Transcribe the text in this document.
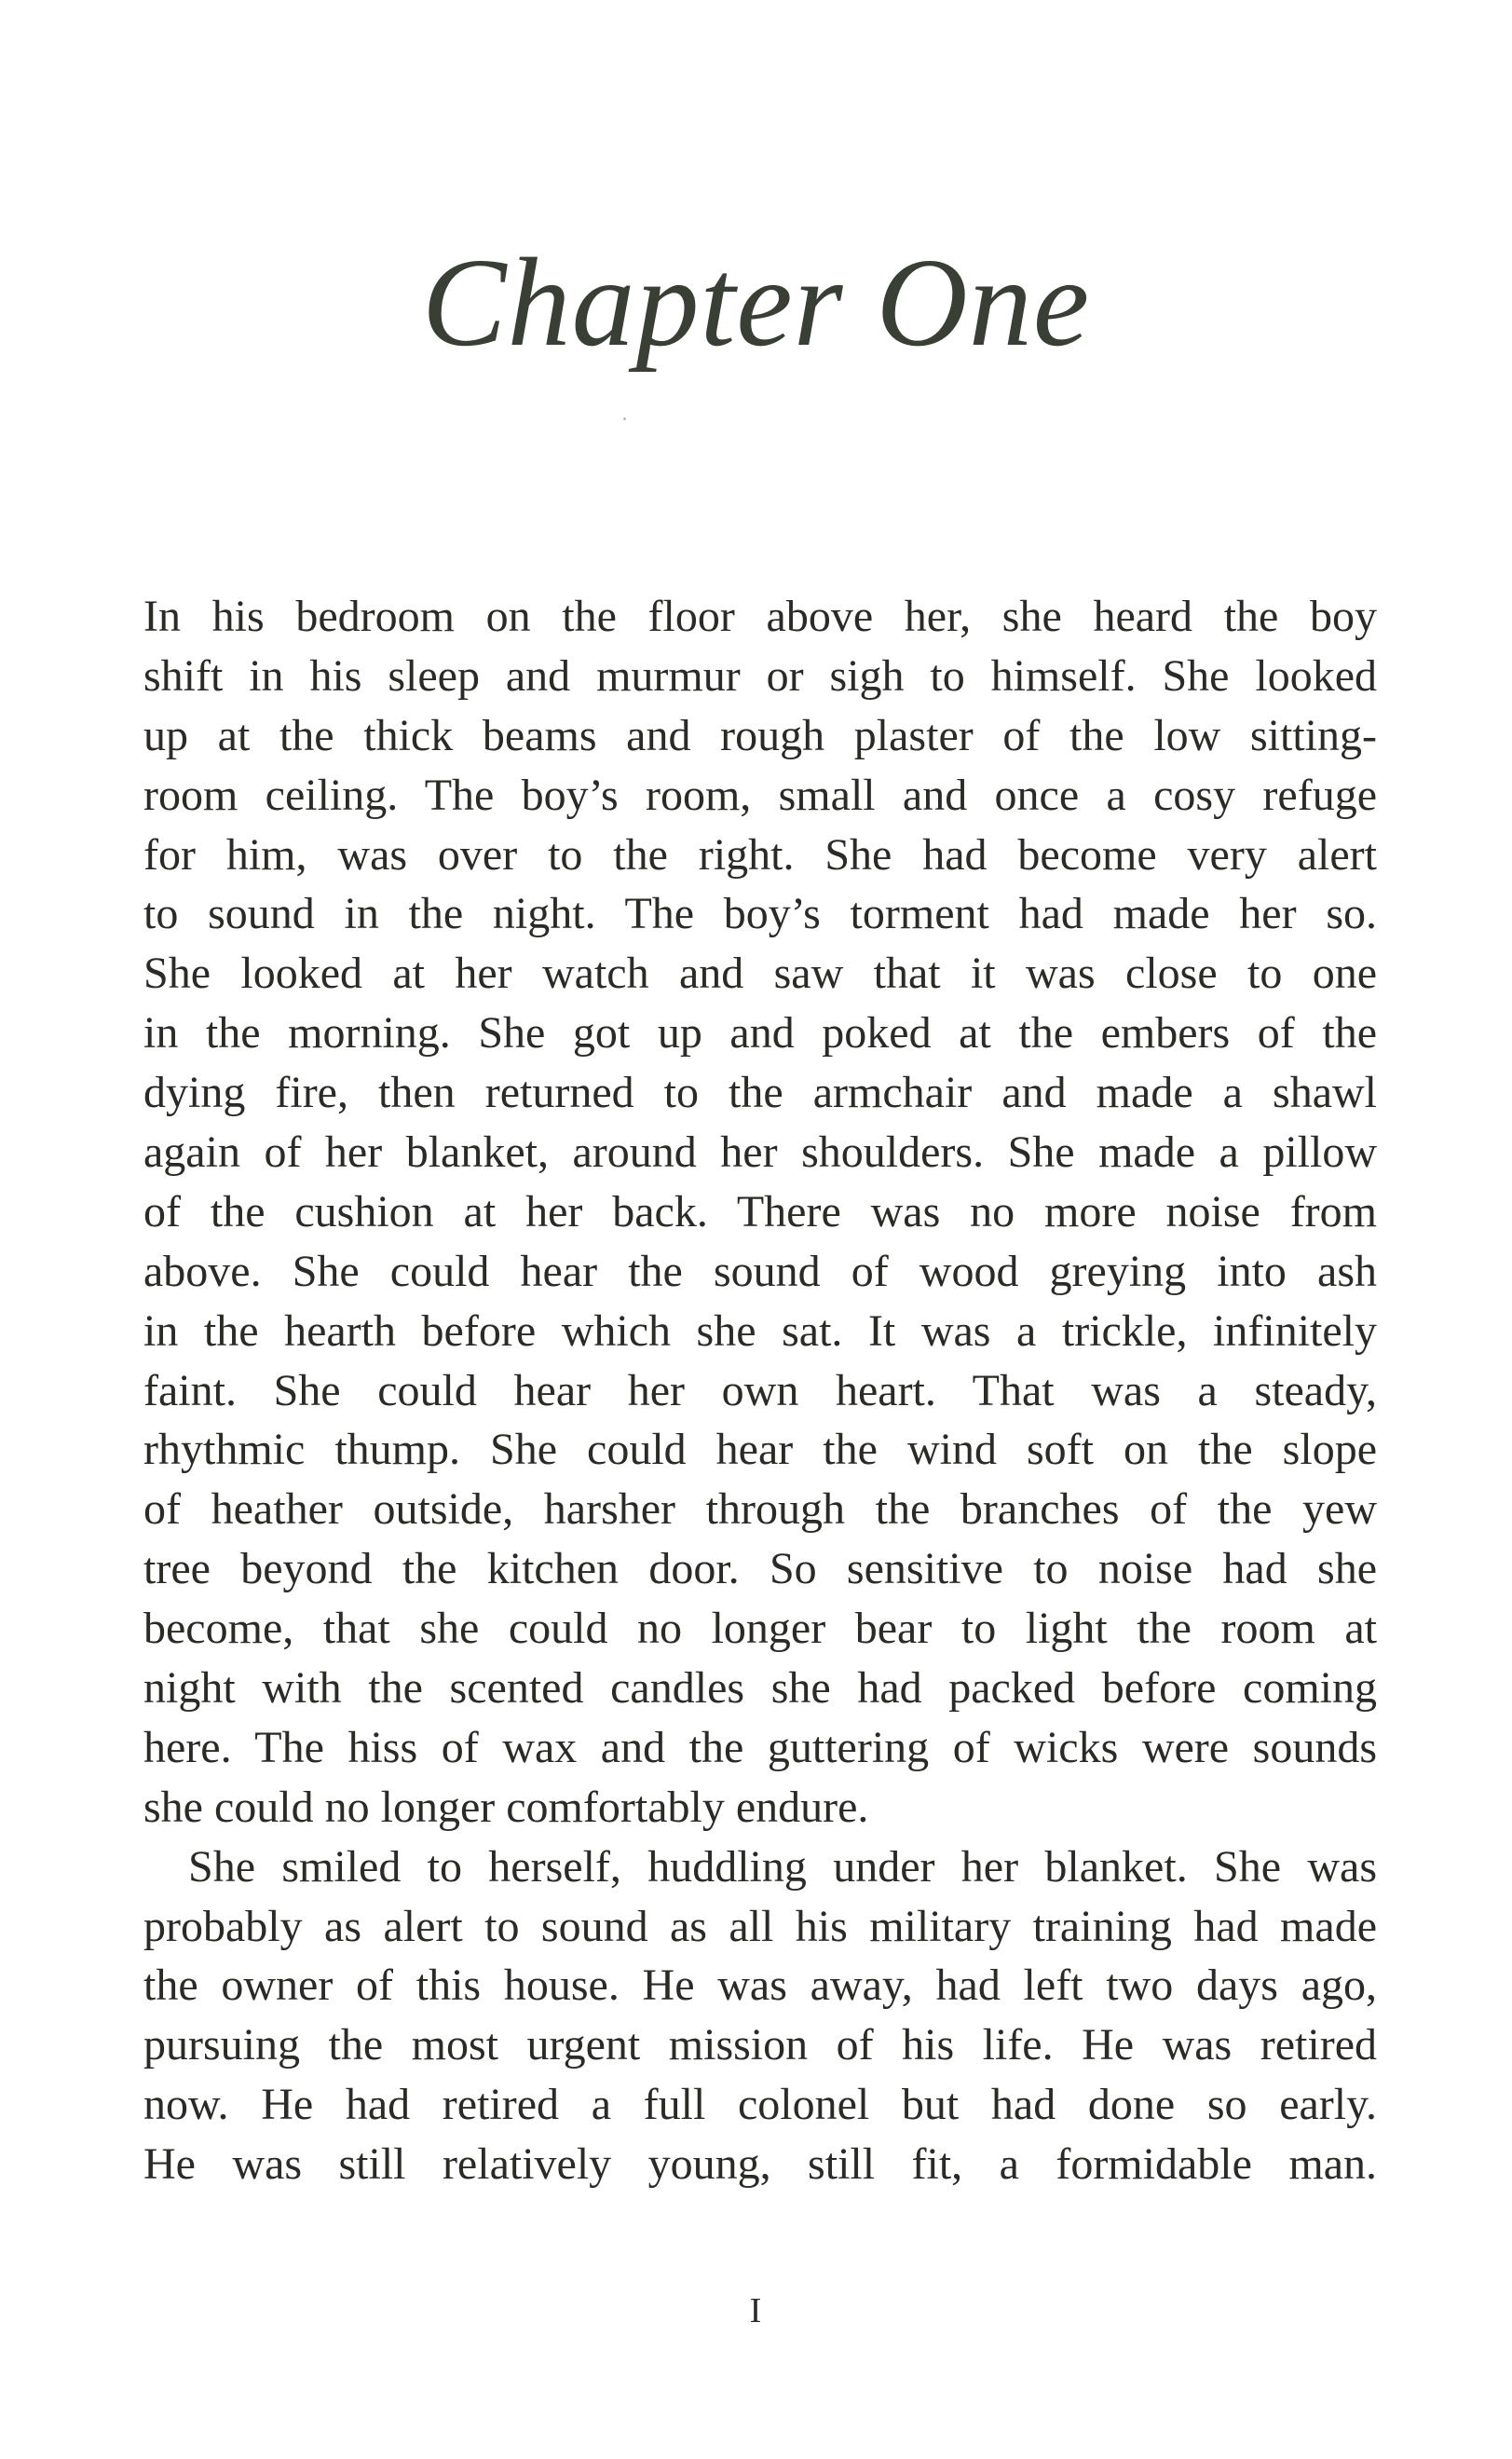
Chapter One
In his bedroom on the floor above her, she heard the boy
shift in his sleep and murmur or sigh to himself. She looked
up at the thick beams and rough plaster of the low sitting-
room ceiling. The boy’s room, small and once a cosy refuge
for him, was over to the right. She had become very alert
to sound in the night. The boy’s torment had made her so.
She looked at her watch and saw that it was close to one
in the morning. She got up and poked at the embers of the
dying fire, then returned to the armchair and made a shawl
again of her blanket, around her shoulders. She made a pillow
of the cushion at her back. There was no more noise from
above. She could hear the sound of wood greying into ash
in the hearth before which she sat. It was a trickle, infinitely
faint. She could hear her own heart. That was a steady,
rhythmic thump. She could hear the wind soft on the slope
of heather outside, harsher through the branches of the yew
tree beyond the kitchen door. So sensitive to noise had she
become, that she could no longer bear to light the room at
night with the scented candles she had packed before coming
here. The hiss of wax and the guttering of wicks were sounds
she could no longer comfortably endure.
She smiled to herself, huddling under her blanket. She was
probably as alert to sound as all his military training had made
the owner of this house. He was away, had left two days ago,
pursuing the most urgent mission of his life. He was retired
now. He had retired a full colonel but had done so early.
He was still relatively young, still fit, a formidable man.
I
